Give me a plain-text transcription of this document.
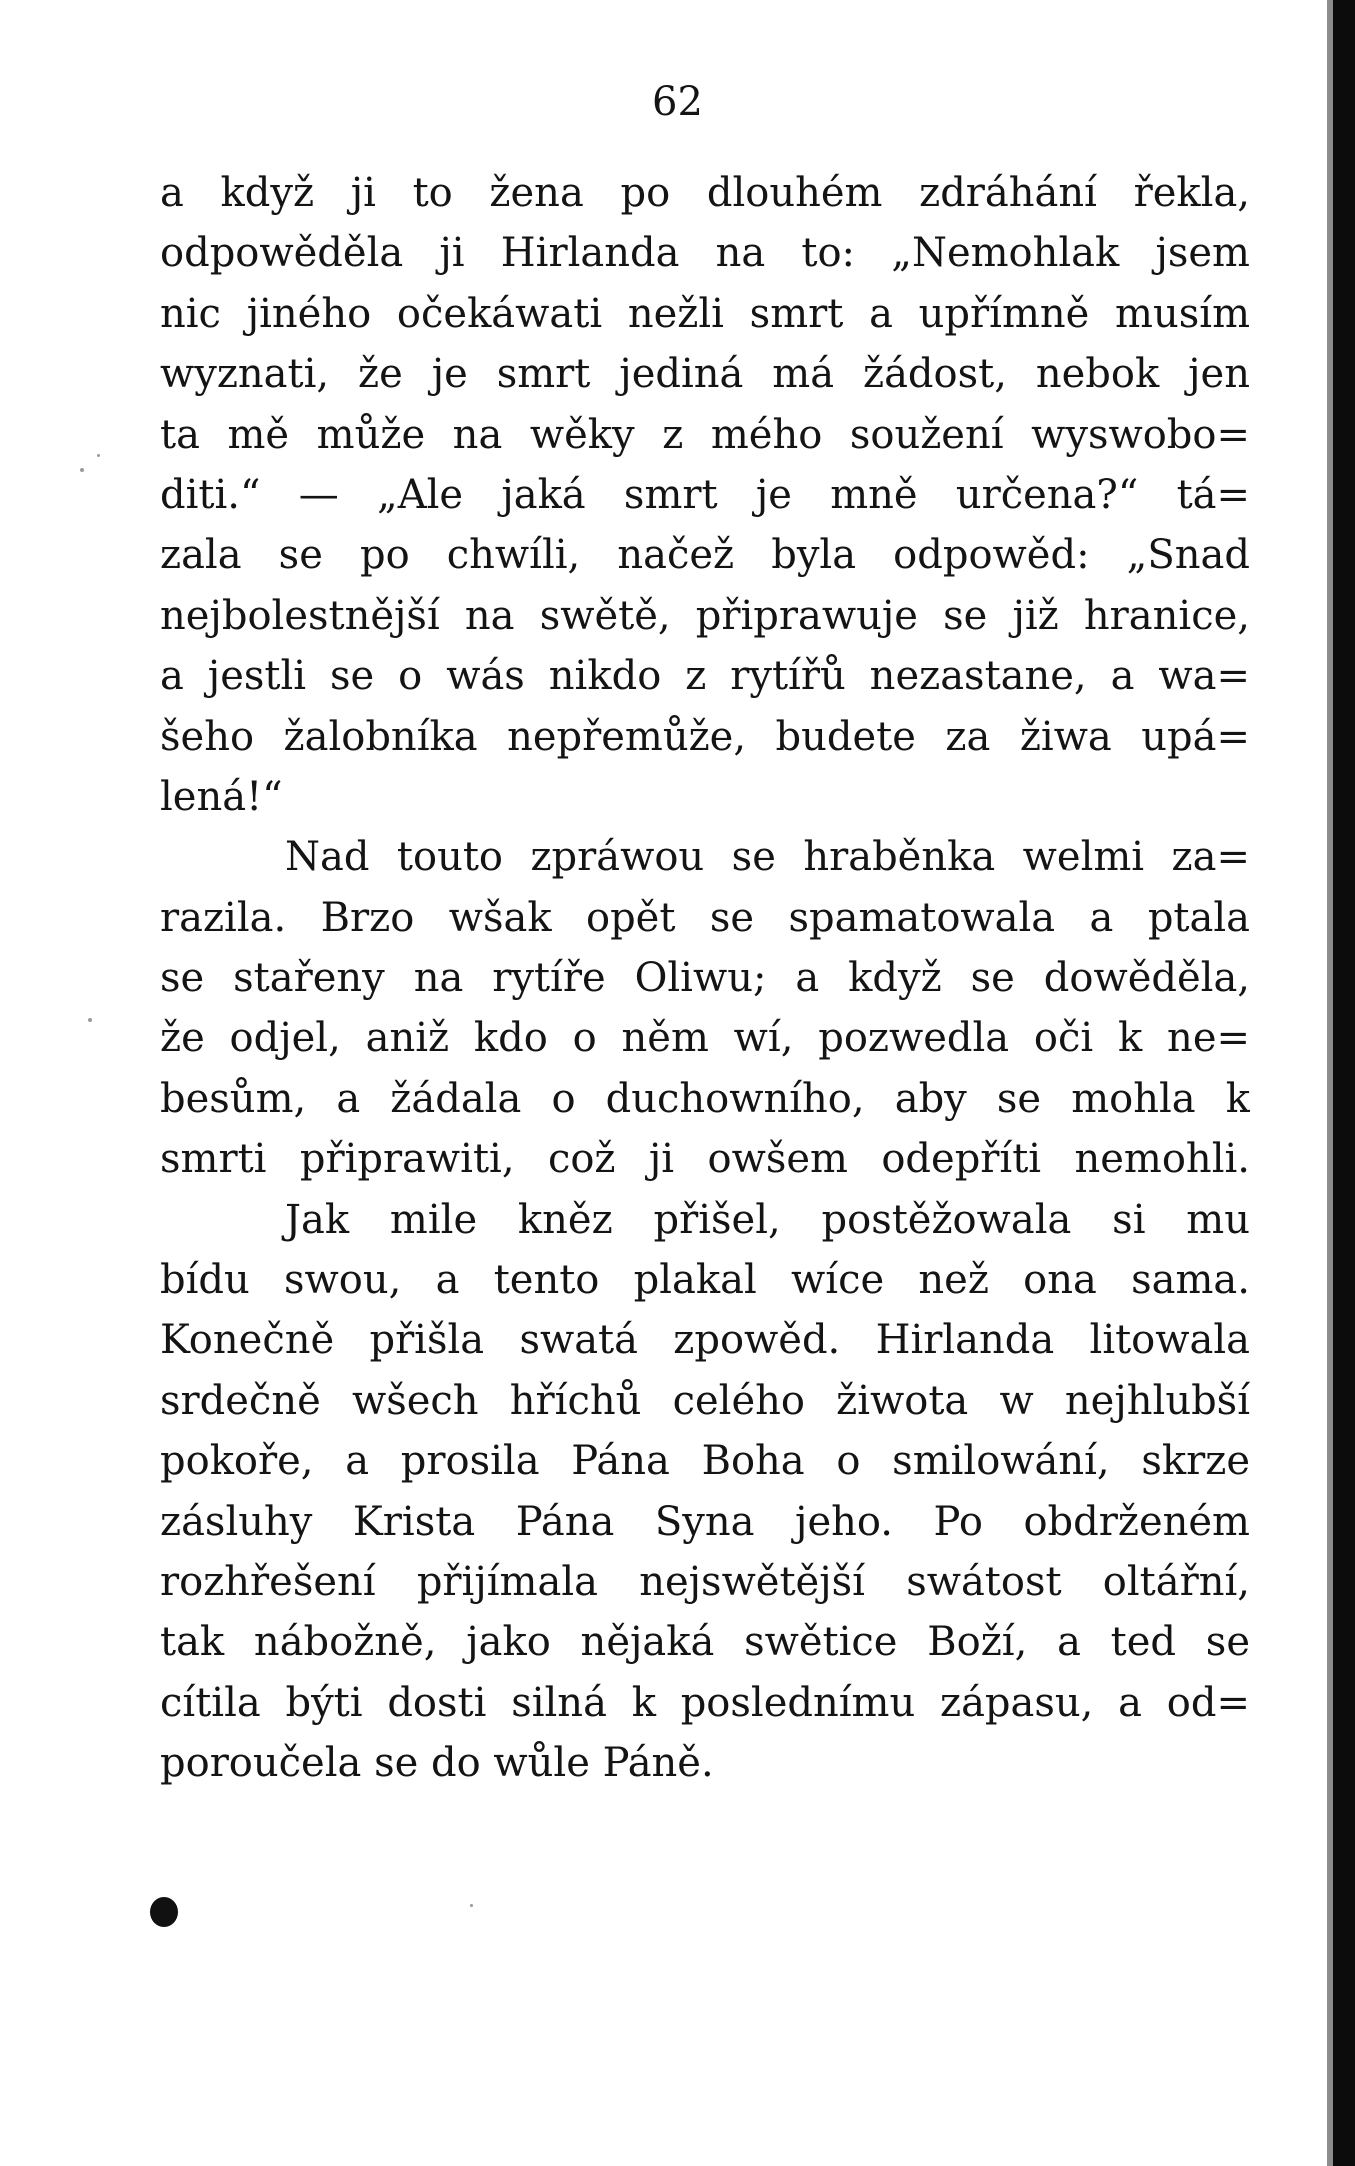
62
a když ji to žena po dlouhém zdráhání řekla,
odpowěděla ji Hirlanda na to: „Nemohlak jsem
nic jiného očekáwati nežli smrt a upřímně musím
wyznati, že je smrt jediná má žádost, nebok jen
ta mě může na wěky z mého soužení wyswobo=
diti.“ — „Ale jaká smrt je mně určena?“ tá=
zala se po chwíli, načež byla odpowěd: „Snad
nejbolestnější na swětě, připrawuje se již hranice,
a jestli se o wás nikdo z rytířů nezastane, a wa=
šeho žalobníka nepřemůže, budete za žiwa upá=
lená!“
Nad touto zpráwou se hraběnka welmi za=
razila. Brzo wšak opět se spamatowala a ptala
se stařeny na rytíře Oliwu; a když se dowěděla,
že odjel, aniž kdo o něm wí, pozwedla oči k ne=
besům, a žádala o duchowního, aby se mohla k
smrti připrawiti, což ji owšem odepříti nemohli.
Jak mile kněz přišel, postěžowala si mu
bídu swou, a tento plakal wíce než ona sama.
Konečně přišla swatá zpowěd. Hirlanda litowala
srdečně wšech hříchů celého žiwota w nejhlubší
pokoře, a prosila Pána Boha o smilowání, skrze
zásluhy Krista Pána Syna jeho. Po obdrženém
rozhřešení přijímala nejswětější swátost oltářní,
tak nábožně, jako nějaká swětice Boží, a ted se
cítila býti dosti silná k poslednímu zápasu, a od=
poroučela se do wůle Páně.
